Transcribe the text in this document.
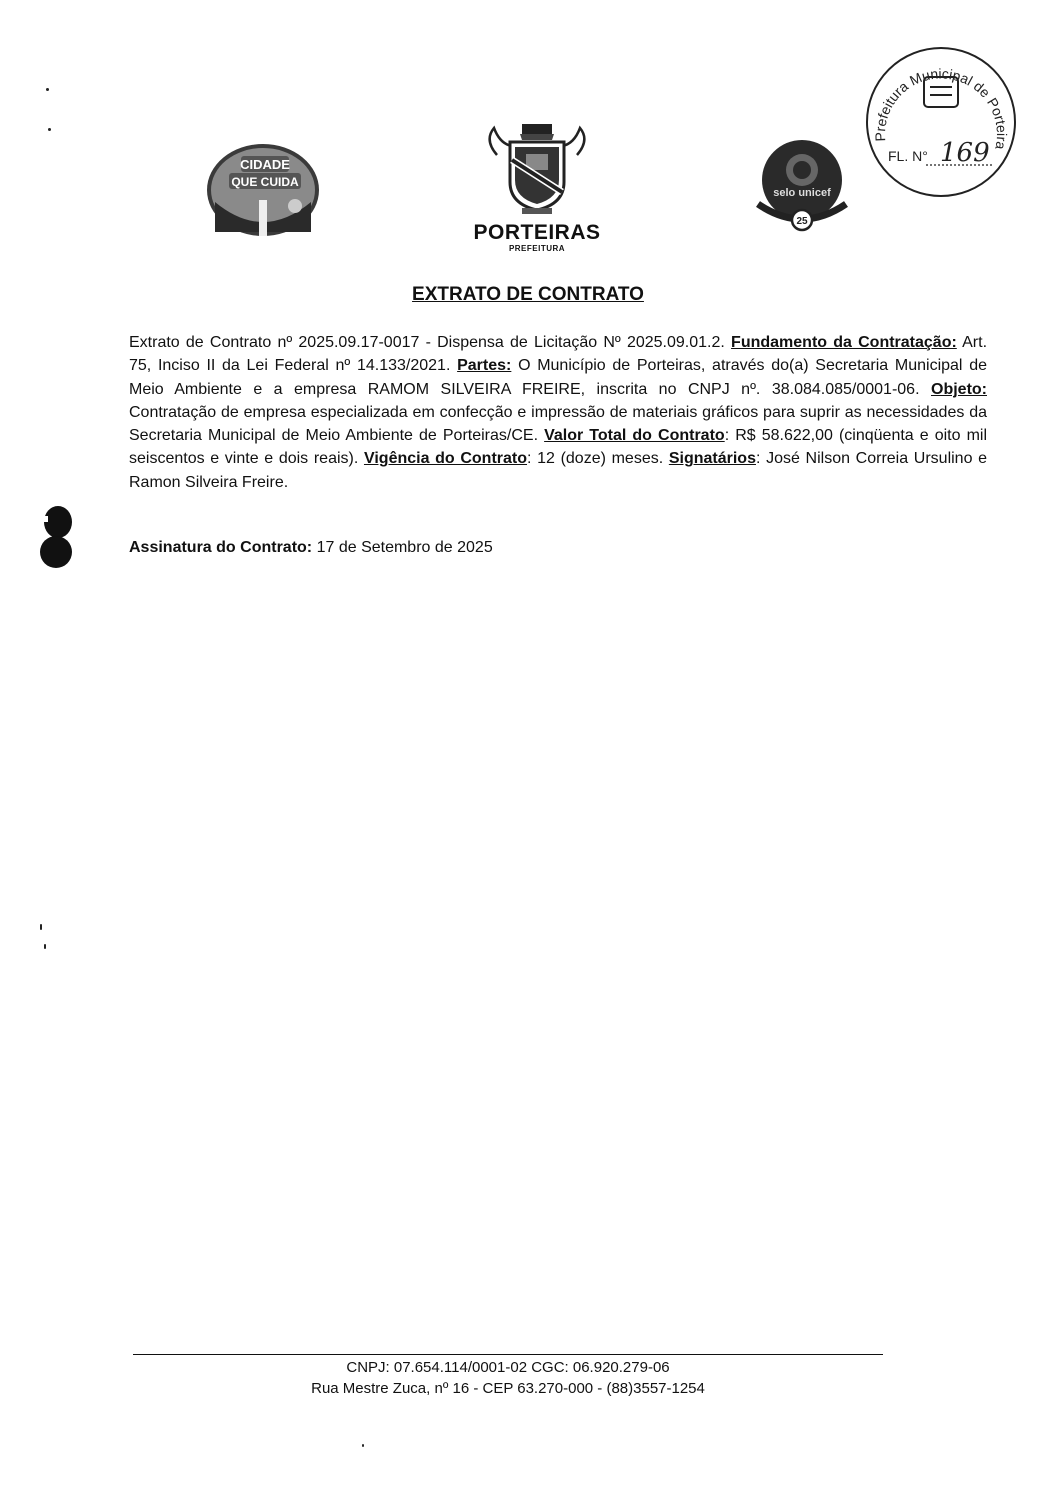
CIDADE
QUE CUIDA
PORTEIRAS
PREFEITURA
selo unicef
25
Prefeitura Municipal de Porteira
FL. N° 169
EXTRATO DE CONTRATO
Extrato de Contrato nº 2025.09.17-0017 - Dispensa de Licitação Nº 2025.09.01.2. Fundamento da Contratação: Art. 75, Inciso II da Lei Federal nº 14.133/2021. Partes: O Município de Porteiras, através do(a) Secretaria Municipal de Meio Ambiente e a empresa RAMOM SILVEIRA FREIRE, inscrita no CNPJ nº. 38.084.085/0001-06. Objeto: Contratação de empresa especializada em confecção e impressão de materiais gráficos para suprir as necessidades da Secretaria Municipal de Meio Ambiente de Porteiras/CE. Valor Total do Contrato: R$ 58.622,00 (cinqüenta e oito mil seiscentos e vinte e dois reais). Vigência do Contrato: 12 (doze) meses. Signatários: José Nilson Correia Ursulino e Ramon Silveira Freire.
Assinatura do Contrato: 17 de Setembro de 2025
CNPJ: 07.654.114/0001-02 CGC: 06.920.279-06
Rua Mestre Zuca, nº 16 - CEP 63.270-000 - (88)3557-1254
